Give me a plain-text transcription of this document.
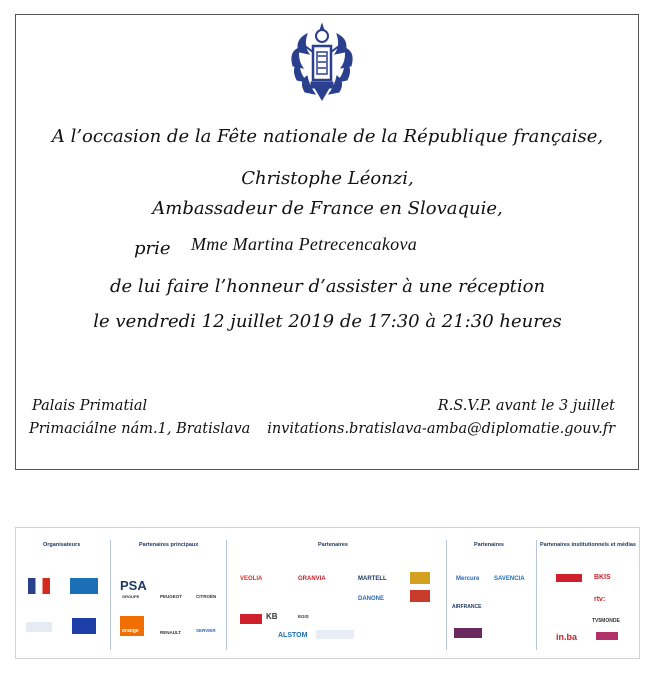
A l’occasion de la Fête nationale de la République française,
Christophe Léonzi,
Ambassadeur de France en Slovaquie,
prie Mme Martina Petrecencakova
de lui faire l’honneur d’assister à une réception
le vendredi 12 juillet 2019 de 17:30 à 21:30 heures
Palais Primatial
Primaciálne nám.1, Bratislava
R.S.V.P. avant le 3 juillet
invitations.bratislava-amba@diplomatie.gouv.fr
Organisateurs	Partenaires principaux	Partenaires	Partenaires	Partenaires institutionnels et médias
PSA
GROUPE	PEUGEOT	CITROËN
orange	RENAULT	SERVIER
VEOLIA	GRANVIA	MARTELL
KB
DANONE
EGIS
ALSTOM
Mercure SAVENCIA
AIRFRANCE
BKIS
rtv:
TV5MONDE
in.ba
